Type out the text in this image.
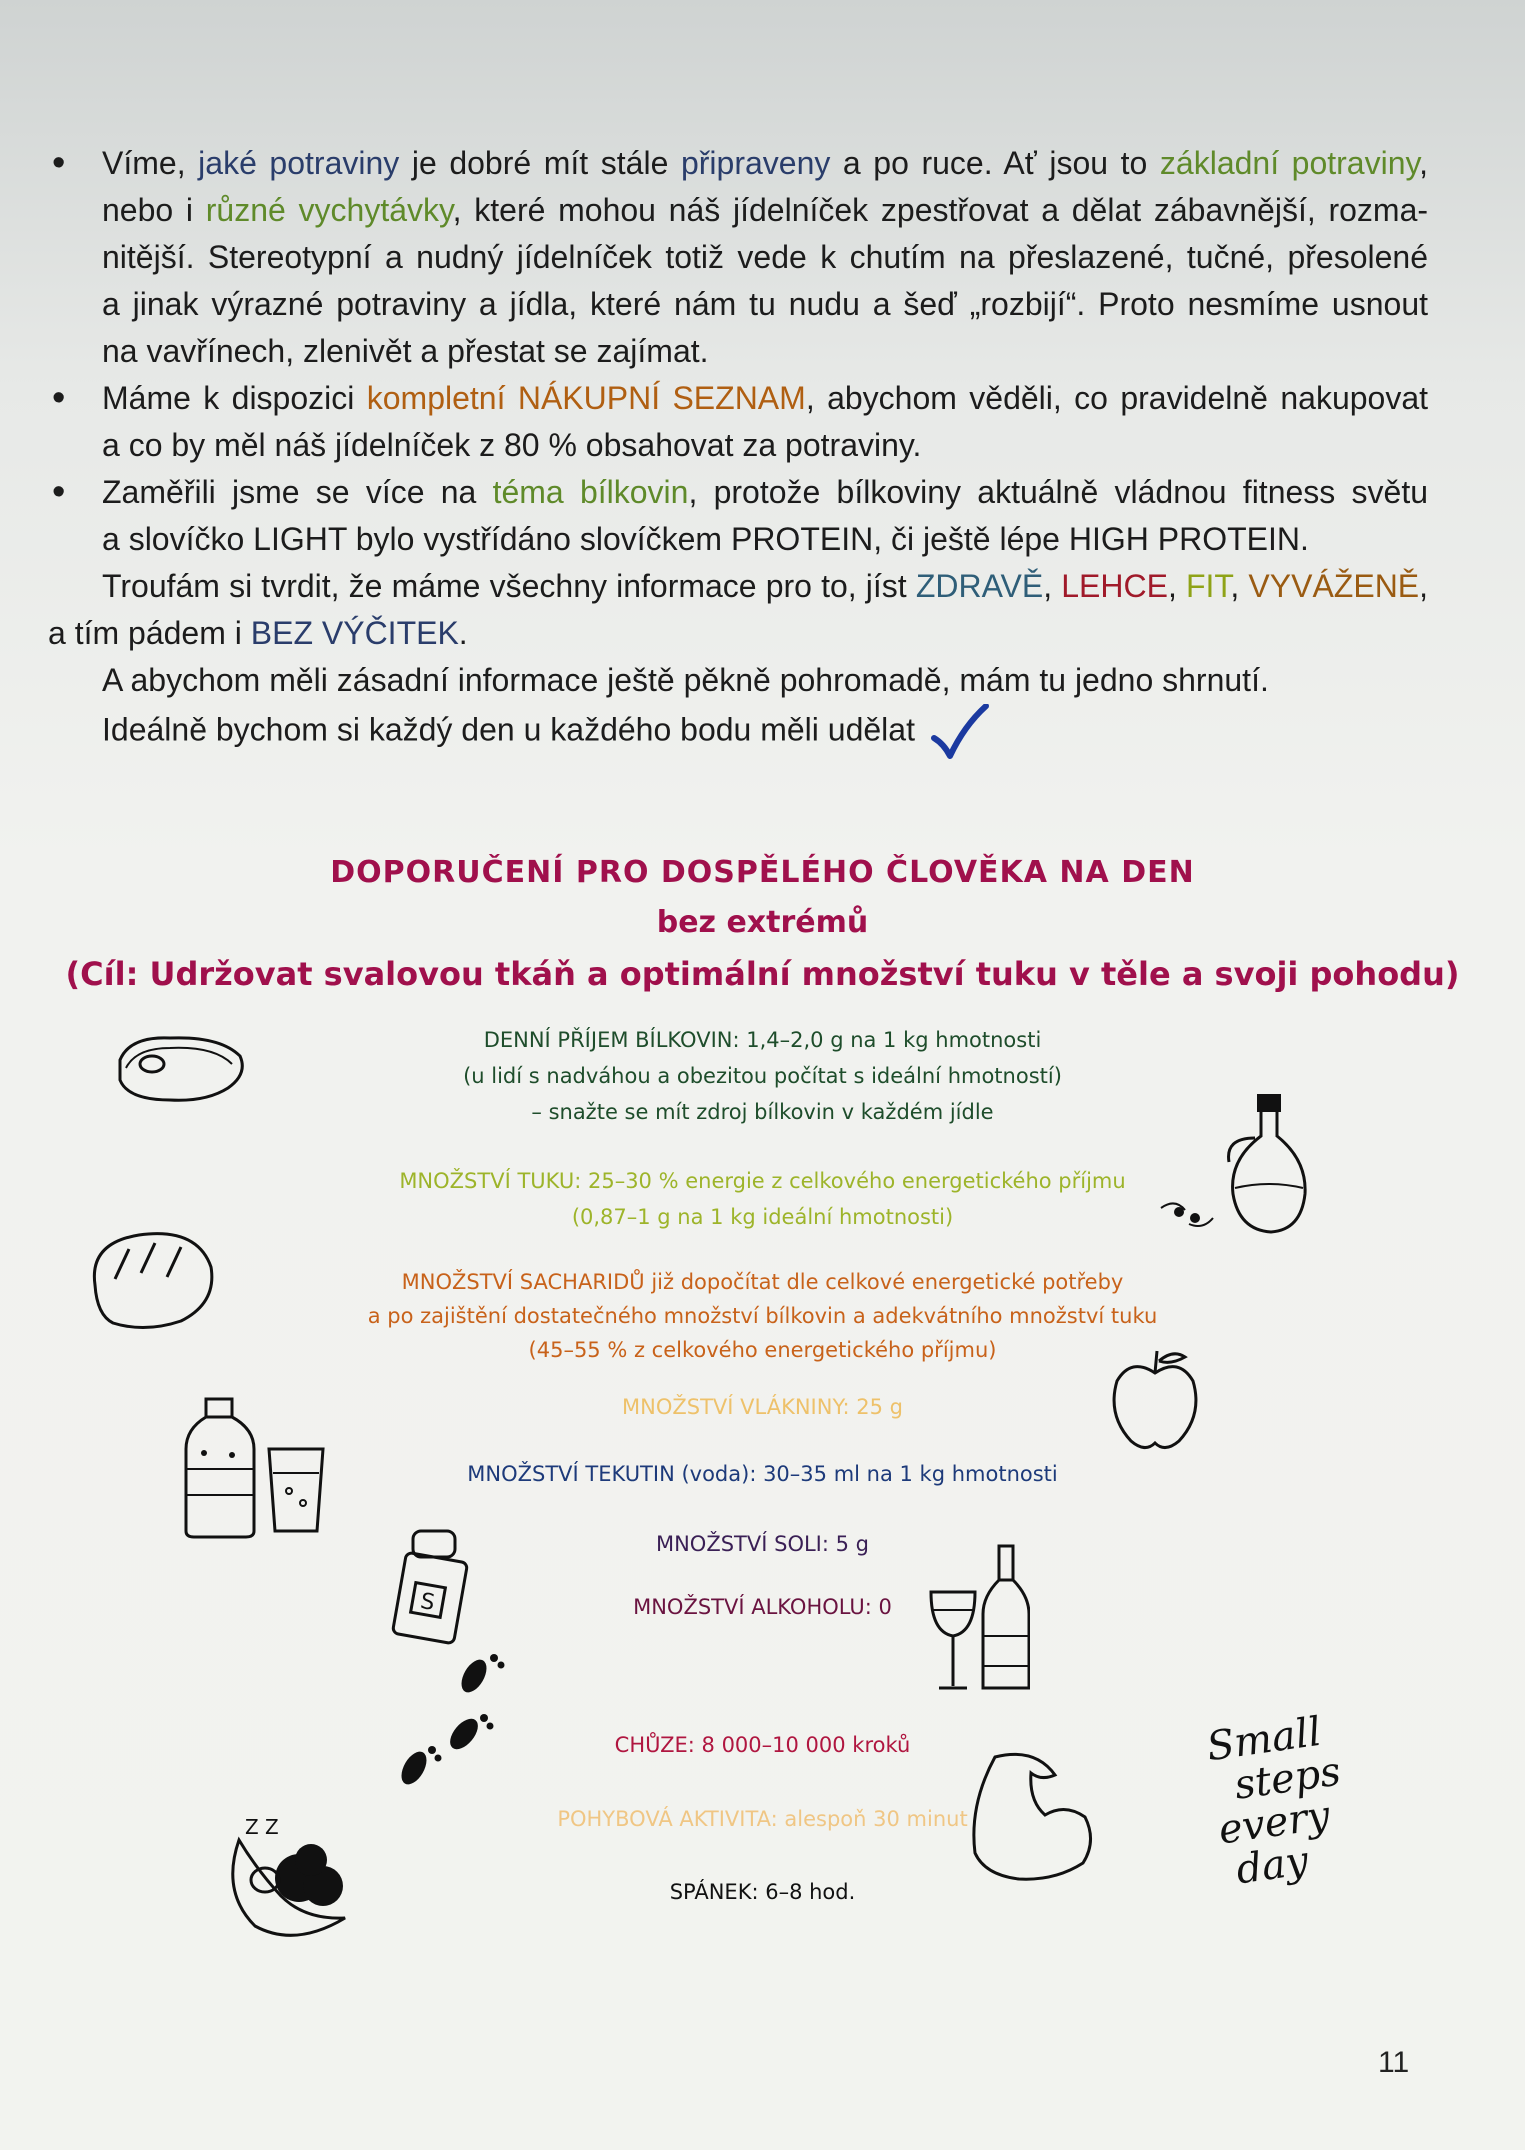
• Víme, jaké potraviny je dobré mít stále připraveny a po ruce. Ať jsou to základní potraviny,
nebo i různé vychytávky, které mohou náš jídelníček zpestřovat a dělat zábavnější, rozma-
nitější. Stereotypní a nudný jídelníček totiž vede k chutím na přeslazené, tučné, přesolené
a jinak výrazné potraviny a jídla, které nám tu nudu a šeď „rozbijí“. Proto nesmíme usnout
na vavřínech, zlenivět a přestat se zajímat.
• Máme k dispozici kompletní NÁKUPNÍ SEZNAM, abychom věděli, co pravidelně nakupovat
a co by měl náš jídelníček z 80 % obsahovat za potraviny.
• Zaměřili jsme se více na téma bílkovin, protože bílkoviny aktuálně vládnou fitness světu
a slovíčko LIGHT bylo vystřídáno slovíčkem PROTEIN, či ještě lépe HIGH PROTEIN.
Troufám si tvrdit, že máme všechny informace pro to, jíst ZDRAVĚ, LEHCE, FIT, VYVÁŽENĚ,
a tím pádem i BEZ VÝČITEK.
A abychom měli zásadní informace ještě pěkně pohromadě, mám tu jedno shrnutí.
Ideálně bychom si každý den u každého bodu měli udělat
DOPORUČENÍ PRO DOSPĚLÉHO ČLOVĚKA NA DEN
bez extrémů
(Cíl: Udržovat svalovou tkáň a optimální množství tuku v těle a svoji pohodu)
DENNÍ PŘÍJEM BÍLKOVIN: 1,4–2,0 g na 1 kg hmotnosti
(u lidí s nadváhou a obezitou počítat s ideální hmotností)
– snažte se mít zdroj bílkovin v každém jídle
MNOŽSTVÍ TUKU: 25–30 % energie z celkového energetického příjmu
(0,87–1 g na 1 kg ideální hmotnosti)
MNOŽSTVÍ SACHARIDŮ již dopočítat dle celkové energetické potřeby
a po zajištění dostatečného množství bílkovin a adekvátního množství tuku
(45–55 % z celkového energetického příjmu)
MNOŽSTVÍ VLÁKNINY: 25 g
MNOŽSTVÍ TEKUTIN (voda): 30–35 ml na 1 kg hmotnosti
MNOŽSTVÍ SOLI: 5 g
MNOŽSTVÍ ALKOHOLU: 0
CHŮZE: 8 000–10 000 kroků
POHYBOVÁ AKTIVITA: alespoň 30 minut
SPÁNEK: 6–8 hod.
S
Z Z
Small
steps
every
day
11
